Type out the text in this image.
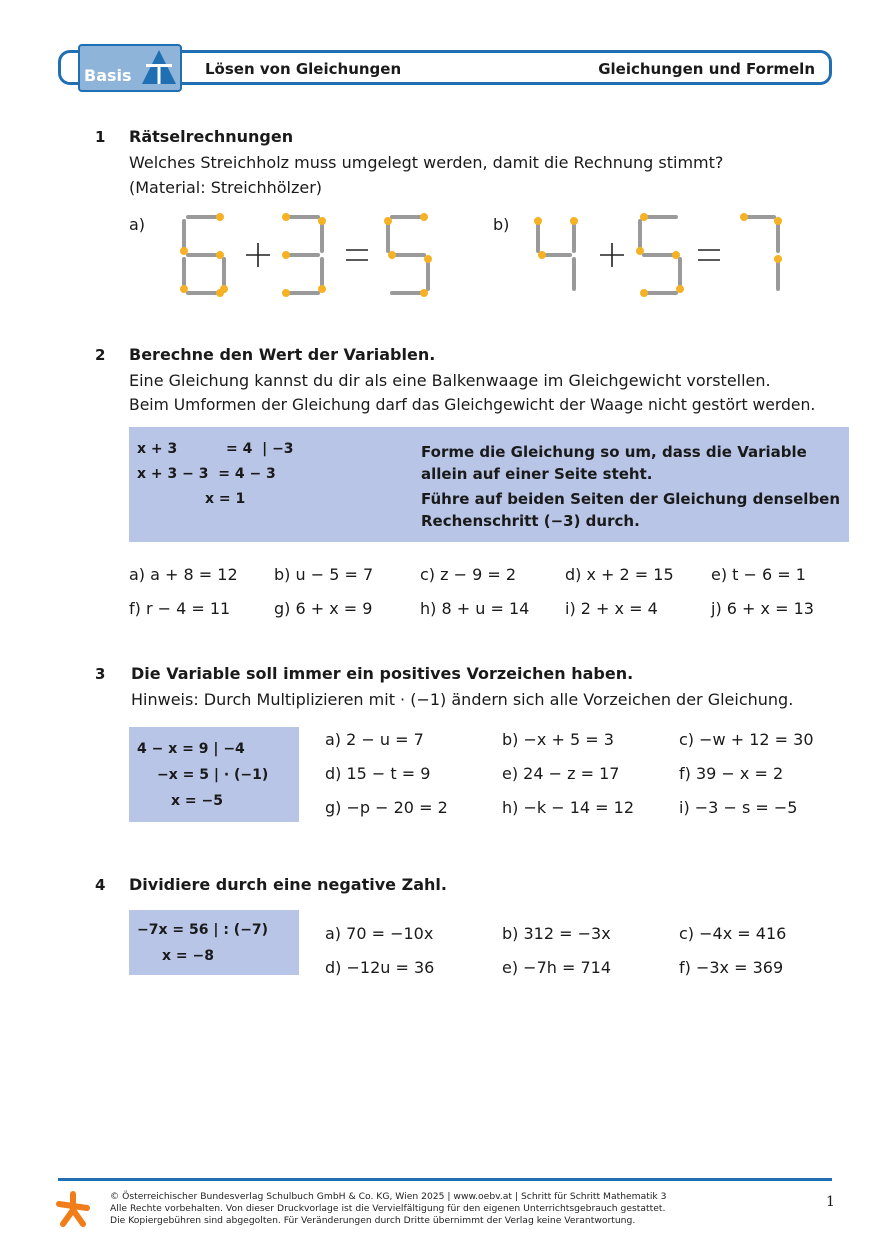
Basis	Lösen von Gleichungen	Gleichungen und Formeln
1 Rätselrechnungen
Welches Streichholz muss umgelegt werden, damit die Rechnung stimmt?
(Material: Streichhölzer)
a)	b)
2 Berechne den Wert der Variablen.
Eine Gleichung kannst du dir als eine Balkenwaage im Gleichgewicht vorstellen.
Beim Umformen der Gleichung darf das Gleichgewicht der Waage nicht gestört werden.
x + 3          = 4  | −3
x + 3 − 3  = 4 − 3
x = 1
Forme die Gleichung so um, dass die Variable allein auf einer Seite steht.
Führe auf beiden Seiten der Gleichung denselben Rechenschritt (−3) durch.
a) a + 8 = 12 b) u − 5 = 7	c) z − 9 = 2	d) x + 2 = 15 e) t − 6 = 1
f) r − 4 = 11	g) 6 + x = 9	h) 8 + u = 14 i) 2 + x = 4	j) 6 + x = 13
3 Die Variable soll immer ein positives Vorzeichen haben.
Hinweis: Durch Multiplizieren mit · (−1) ändern sich alle Vorzeichen der Gleichung.
4 − x = 9 | −4
−x = 5 | · (−1)
x = −5
a) 2 − u = 7	b) −x + 5 = 3	c) −w + 12 = 30
d) 15 − t = 9	e) 24 − z = 17	f) 39 − x = 2
g) −p − 20 = 2	h) −k − 14 = 12	i) −3 − s = −5
4 Dividiere durch eine negative Zahl.
−7x = 56 | : (−7)
x = −8
a) 70 = −10x	b) 312 = −3x	c) −4x = 416
d) −12u = 36	e) −7h = 714	f) −3x = 369
© Österreichischer Bundesverlag Schulbuch GmbH & Co. KG, Wien 2025 | www.oebv.at | Schritt für Schritt Mathematik 3
Alle Rechte vorbehalten. Von dieser Druckvorlage ist die Vervielfältigung für den eigenen Unterrichtsgebrauch gestattet.
Die Kopiergebühren sind abgegolten. Für Veränderungen durch Dritte übernimmt der Verlag keine Verantwortung.
1
